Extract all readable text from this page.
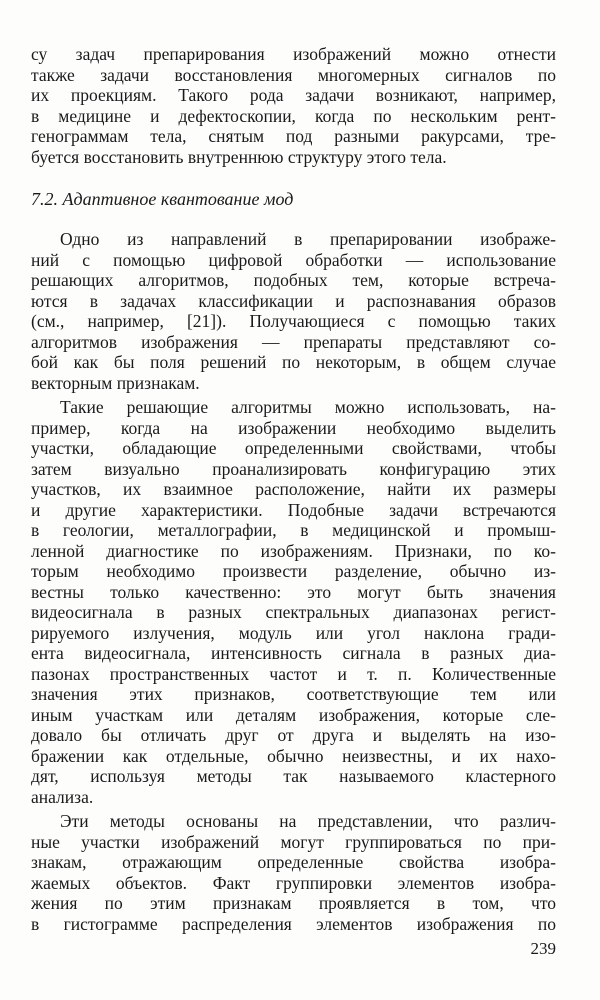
су задач препарирования изображений можно отнести
также задачи восстановления многомерных сигналов по
их проекциям. Такого рода задачи возникают, например,
в медицине и дефектоскопии, когда по нескольким рент-
генограммам тела, снятым под разными ракурсами, тре-
буется восстановить внутреннюю структуру этого тела.
7.2. Адаптивное квантование мод
Одно из направлений в препарировании изображе-
ний с помощью цифровой обработки — использование
решающих алгоритмов, подобных тем, которые встреча-
ются в задачах классификации и распознавания образов
(см., например, [21]). Получающиеся с помощью таких
алгоритмов изображения — препараты представляют со-
бой как бы поля решений по некоторым, в общем случае
векторным признакам.
Такие решающие алгоритмы можно использовать, на-
пример, когда на изображении необходимо выделить
участки, обладающие определенными свойствами, чтобы
затем визуально проанализировать конфигурацию этих
участков, их взаимное расположение, найти их размеры
и другие характеристики. Подобные задачи встречаются
в геологии, металлографии, в медицинской и промыш-
ленной диагностике по изображениям. Признаки, по ко-
торым необходимо произвести разделение, обычно из-
вестны только качественно: это могут быть значения
видеосигнала в разных спектральных диапазонах регист-
рируемого излучения, модуль или угол наклона гради-
ента видеосигнала, интенсивность сигнала в разных диа-
пазонах пространственных частот и т. п. Количественные
значения этих признаков, соответствующие тем или
иным участкам или деталям изображения, которые сле-
довало бы отличать друг от друга и выделять на изо-
бражении как отдельные, обычно неизвестны, и их нахо-
дят, используя методы так называемого кластерного
анализа.
Эти методы основаны на представлении, что различ-
ные участки изображений могут группироваться по при-
знакам, отражающим определенные свойства изобра-
жаемых объектов. Факт группировки элементов изобра-
жения по этим признакам проявляется в том, что
в гистограмме распределения элементов изображения по
239
